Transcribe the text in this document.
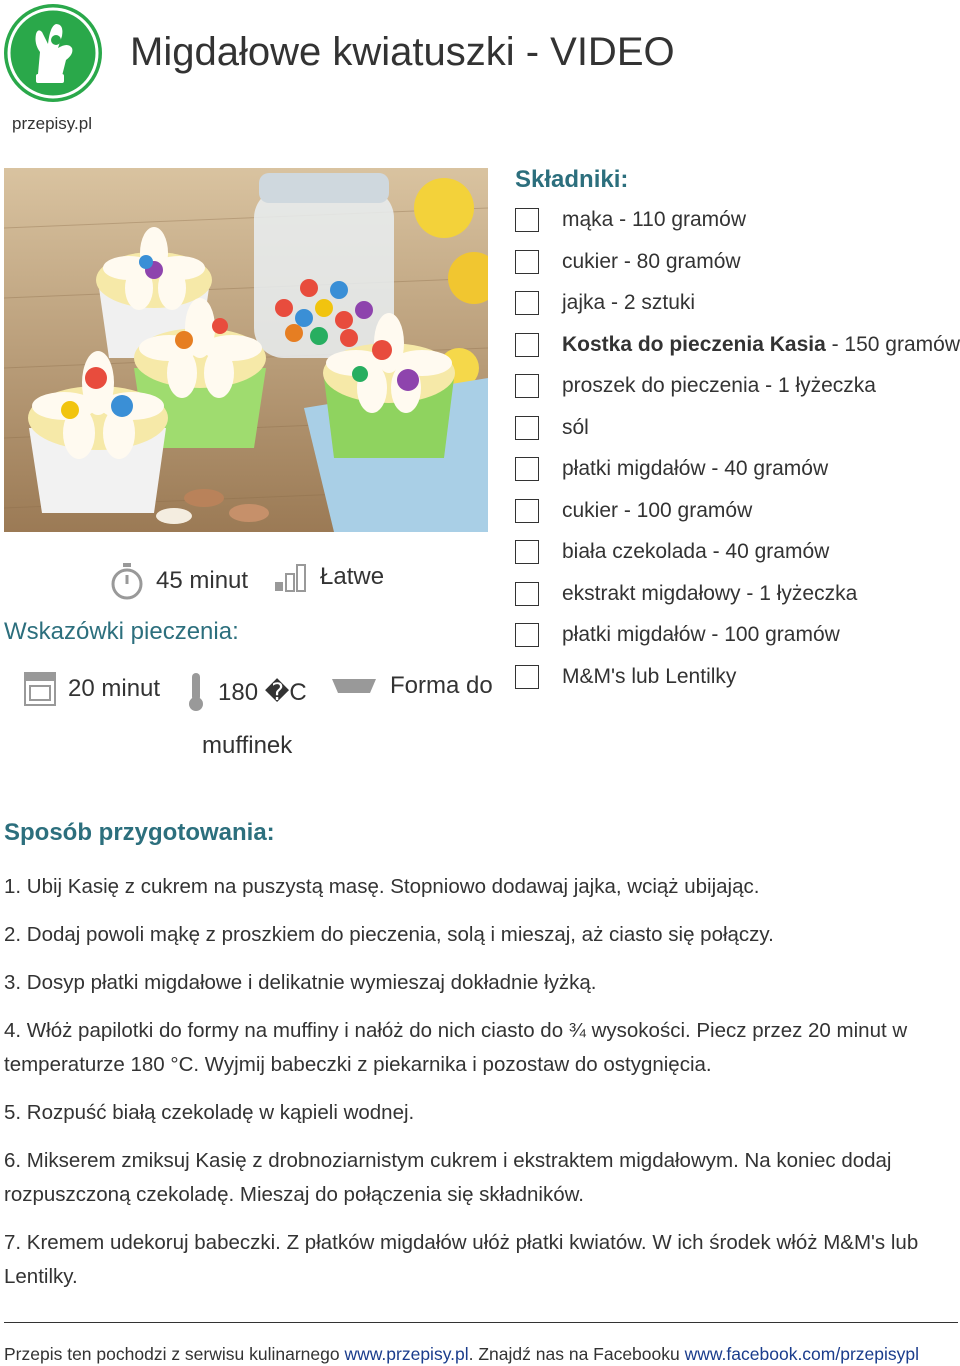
przepisy.pl
Migdałowe kwiatuszki - VIDEO
45 minut	Łatwe
Wskazówki pieczenia:
20 minut 180 �C	Forma do
muffinek
Składniki:
mąka - 110 gramów
cukier - 80 gramów
jajka - 2 sztuki
Kostka do pieczenia Kasia - 150 gramów
proszek do pieczenia - 1 łyżeczka
sól
płatki migdałów - 40 gramów
cukier - 100 gramów
biała czekolada - 40 gramów
ekstrakt migdałowy - 1 łyżeczka
płatki migdałów - 100 gramów
M&M's lub Lentilky
Sposób przygotowania:
1. Ubij Kasię z cukrem na puszystą masę. Stopniowo dodawaj jajka, wciąż ubijając.
2. Dodaj powoli mąkę z proszkiem do pieczenia, solą i mieszaj, aż ciasto się połączy.
3. Dosyp płatki migdałowe i delikatnie wymieszaj dokładnie łyżką.
4. Włóż papilotki do formy na muffiny i nałóż do nich ciasto do ¾ wysokości. Piecz przez 20 minut w temperaturze 180 °C. Wyjmij babeczki z piekarnika i pozostaw do ostygnięcia.
5. Rozpuść białą czekoladę w kąpieli wodnej.
6. Mikserem zmiksuj Kasię z drobnoziarnistym cukrem i ekstraktem migdałowym. Na koniec dodaj rozpuszczoną czekoladę. Mieszaj do połączenia się składników.
7. Kremem udekoruj babeczki. Z płatków migdałów ułóż płatki kwiatów. W ich środek włóż M&M's lub Lentilky.
Przepis ten pochodzi z serwisu kulinarnego www.przepisy.pl. Znajdź nas na Facebooku www.facebook.com/przepisypl
